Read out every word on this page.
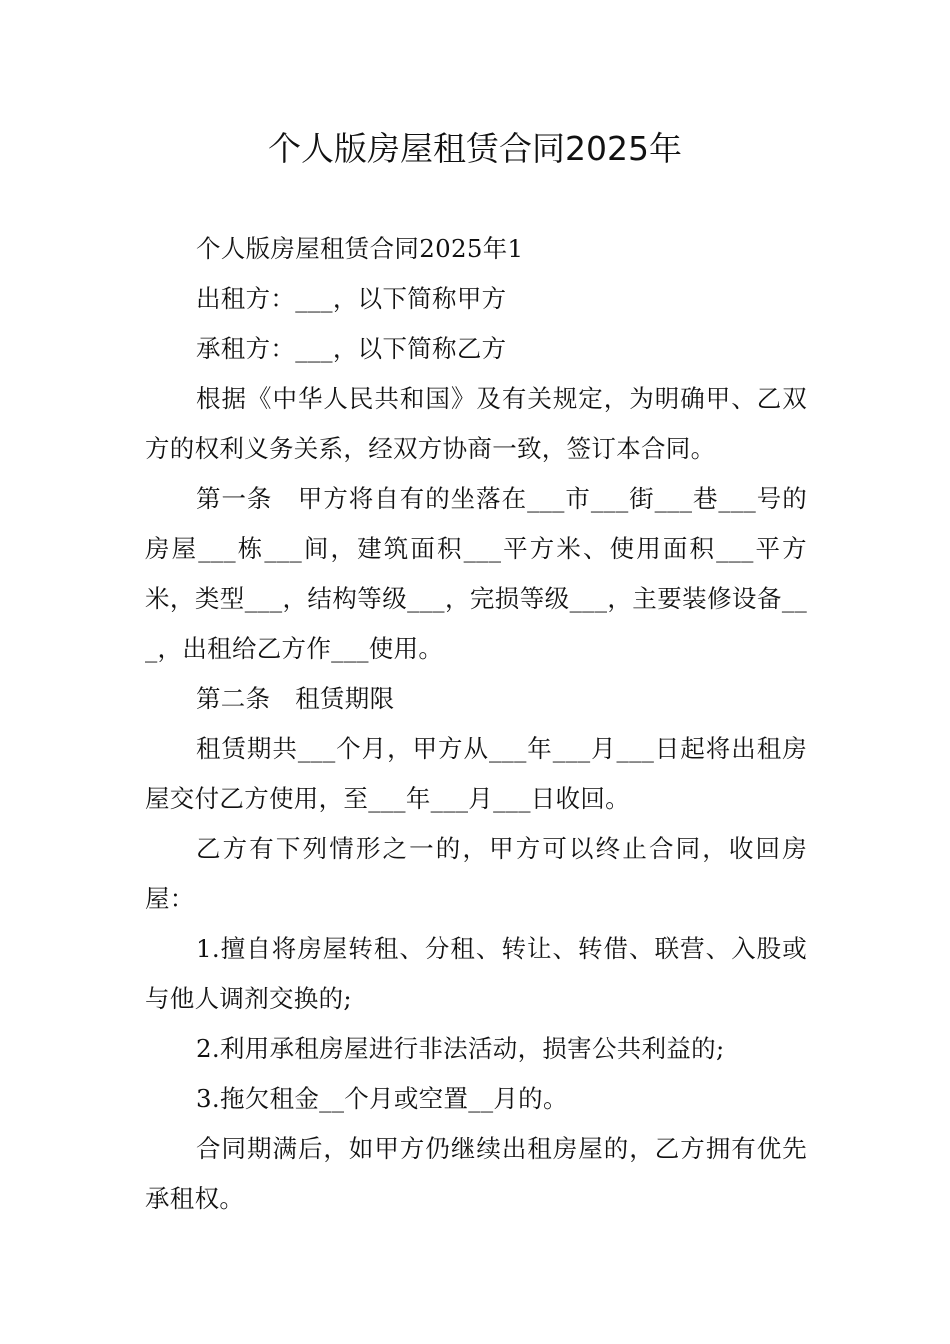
个人版房屋租赁合同2025年

个人版房屋租赁合同2025年1

出租方：___，以下简称甲方

承租方：___，以下简称乙方

根据《中华人民共和国》及有关规定，为明确甲、乙双方的权利义务关系，经双方协商一致，签订本合同。

第一条　甲方将自有的坐落在___市___街___巷___号的房屋___栋___间，建筑面积___平方米、使用面积___平方米，类型___，结构等级___，完损等级___，主要装修设备___，出租给乙方作___使用。

第二条　租赁期限

租赁期共___个月，甲方从___年___月___日起将出租房屋交付乙方使用，至___年___月___日收回。

乙方有下列情形之一的，甲方可以终止合同，收回房屋：

1.擅自将房屋转租、分租、转让、转借、联营、入股或与他人调剂交换的;

2.利用承租房屋进行非法活动，损害公共利益的;

3.拖欠租金__个月或空置__月的。

合同期满后，如甲方仍继续出租房屋的，乙方拥有优先承租权。
